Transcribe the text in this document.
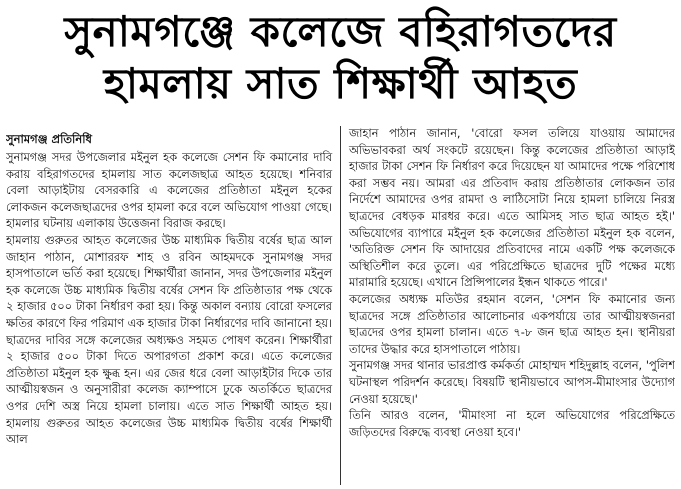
সুনামগঞ্জে কলেজে বহিরাগতদের
হামলায় সাত শিক্ষার্থী আহত
সুনামগঞ্জ প্রতিনিধি

সুনামগঞ্জ সদর উপজেলার মইনুল হক কলেজে সেশন ফি কমানোর দাবি করায় বহিরাগতদের হামলায় সাত কলেজছাত্র আহত হয়েছে। শনিবার বেলা আড়াইটায় বেসরকারি এ কলেজের প্রতিষ্ঠাতা মইনুল হকের লোকজন কলেজছাত্রদের ওপর হামলা করে বলে অভিযোগ পাওয়া গেছে। হামলার ঘটনায় এলাকায় উত্তেজনা বিরাজ করছে।

হামলায় গুরুতর আহত কলেজের উচ্চ মাধ্যমিক দ্বিতীয় বর্ষের ছাত্র আল জাহান পাঠান, মোশাররফ শাহ ও রবিন আহমদকে সুনামগঞ্জ সদর হাসপাতালে ভর্তি করা হয়েছে। শিক্ষার্থীরা জানান, সদর উপজেলার মইনুল হক কলেজে উচ্চ মাধ্যমিক দ্বিতীয় বর্ষের সেশন ফি প্রতিষ্ঠাতার পক্ষ থেকে ২ হাজার ৫০০ টাকা নির্ধারণ করা হয়। কিন্তু অকাল বন্যায় বোরো ফসলের ক্ষতির কারণে ফির পরিমাণ এক হাজার টাকা নির্ধারণের দাবি জানানো হয়। ছাত্রদের দাবির সঙ্গে কলেজের অধ্যক্ষও সহমত পোষণ করেন। শিক্ষার্থীরা ২ হাজার ৫০০ টাকা দিতে অপারগতা প্রকাশ করে। এতে কলেজের প্রতিষ্ঠাতা মইনুল হক ক্ষুব্ধ হন। এর জের ধরে বেলা আড়াইটার দিকে তার আত্মীয়স্বজন ও অনুসারীরা কলেজ ক্যাম্পাসে ঢুকে অতর্কিতে ছাত্রদের ওপর দেশি অস্ত্র নিয়ে হামলা চালায়। এতে সাত শিক্ষার্থী আহত হয়। হামলায় গুরুতর আহত কলেজের উচ্চ মাধ্যমিক দ্বিতীয় বর্ষের শিক্ষার্থী আল

জাহান পাঠান জানান, 'বোরো ফসল তলিয়ে যাওয়ায় আমাদের অভিভাবকরা অর্থ সংকটে রয়েছেন। কিন্তু কলেজের প্রতিষ্ঠাতা আড়াই হাজার টাকা সেশন ফি নির্ধারণ করে দিয়েছেন যা আমাদের পক্ষে পরিশোধ করা সম্ভব নয়। আমরা এর প্রতিবাদ করায় প্রতিষ্ঠাতার লোকজন তার নির্দেশে আমাদের ওপর রামদা ও লাঠিসোটা নিয়ে হামলা চালিয়ে নিরস্ত্র ছাত্রদের বেধড়ক মারধর করে। এতে আমিসহ সাত ছাত্র আহত হই।' অভিযোগের ব্যাপারে মইনুল হক কলেজের প্রতিষ্ঠাতা মইনুল হক বলেন, 'অতিরিক্ত সেশন ফি আদায়ের প্রতিবাদের নামে একটি পক্ষ কলেজকে অস্থিতিশীল করে তুলে। এর পরিপ্রেক্ষিতে ছাত্রদের দুটি পক্ষের মধ্যে মারামারি হয়েছে। এখানে প্রিন্সিপালের ইন্ধন থাকতে পারে।'

কলেজের অধ্যক্ষ মতিউর রহমান বলেন, 'সেশন ফি কমানোর জন্য ছাত্রদের সঙ্গে প্রতিষ্ঠাতার আলোচনার একপর্যায়ে তার আত্মীয়স্বজনরা ছাত্রদের ওপর হামলা চালান। এতে ৭-৮ জন ছাত্র আহত হন। স্থানীয়রা তাদের উদ্ধার করে হাসপাতালে পাঠায়।

সুনামগঞ্জ সদর থানার ভারপ্রাপ্ত কর্মকর্তা মোহাম্মদ শহিদুল্লাহ বলেন, 'পুলিশ ঘটনাস্থল পরিদর্শন করেছে। বিষয়টি স্থানীয়ভাবে আপস-মীমাংসার উদ্যোগ নেওয়া হয়েছে।'

তিনি আরও বলেন, 'মীমাংসা না হলে অভিযোগের পরিপ্রেক্ষিতে জড়িতদের বিরুদ্ধে ব্যবস্থা নেওয়া হবে।'
